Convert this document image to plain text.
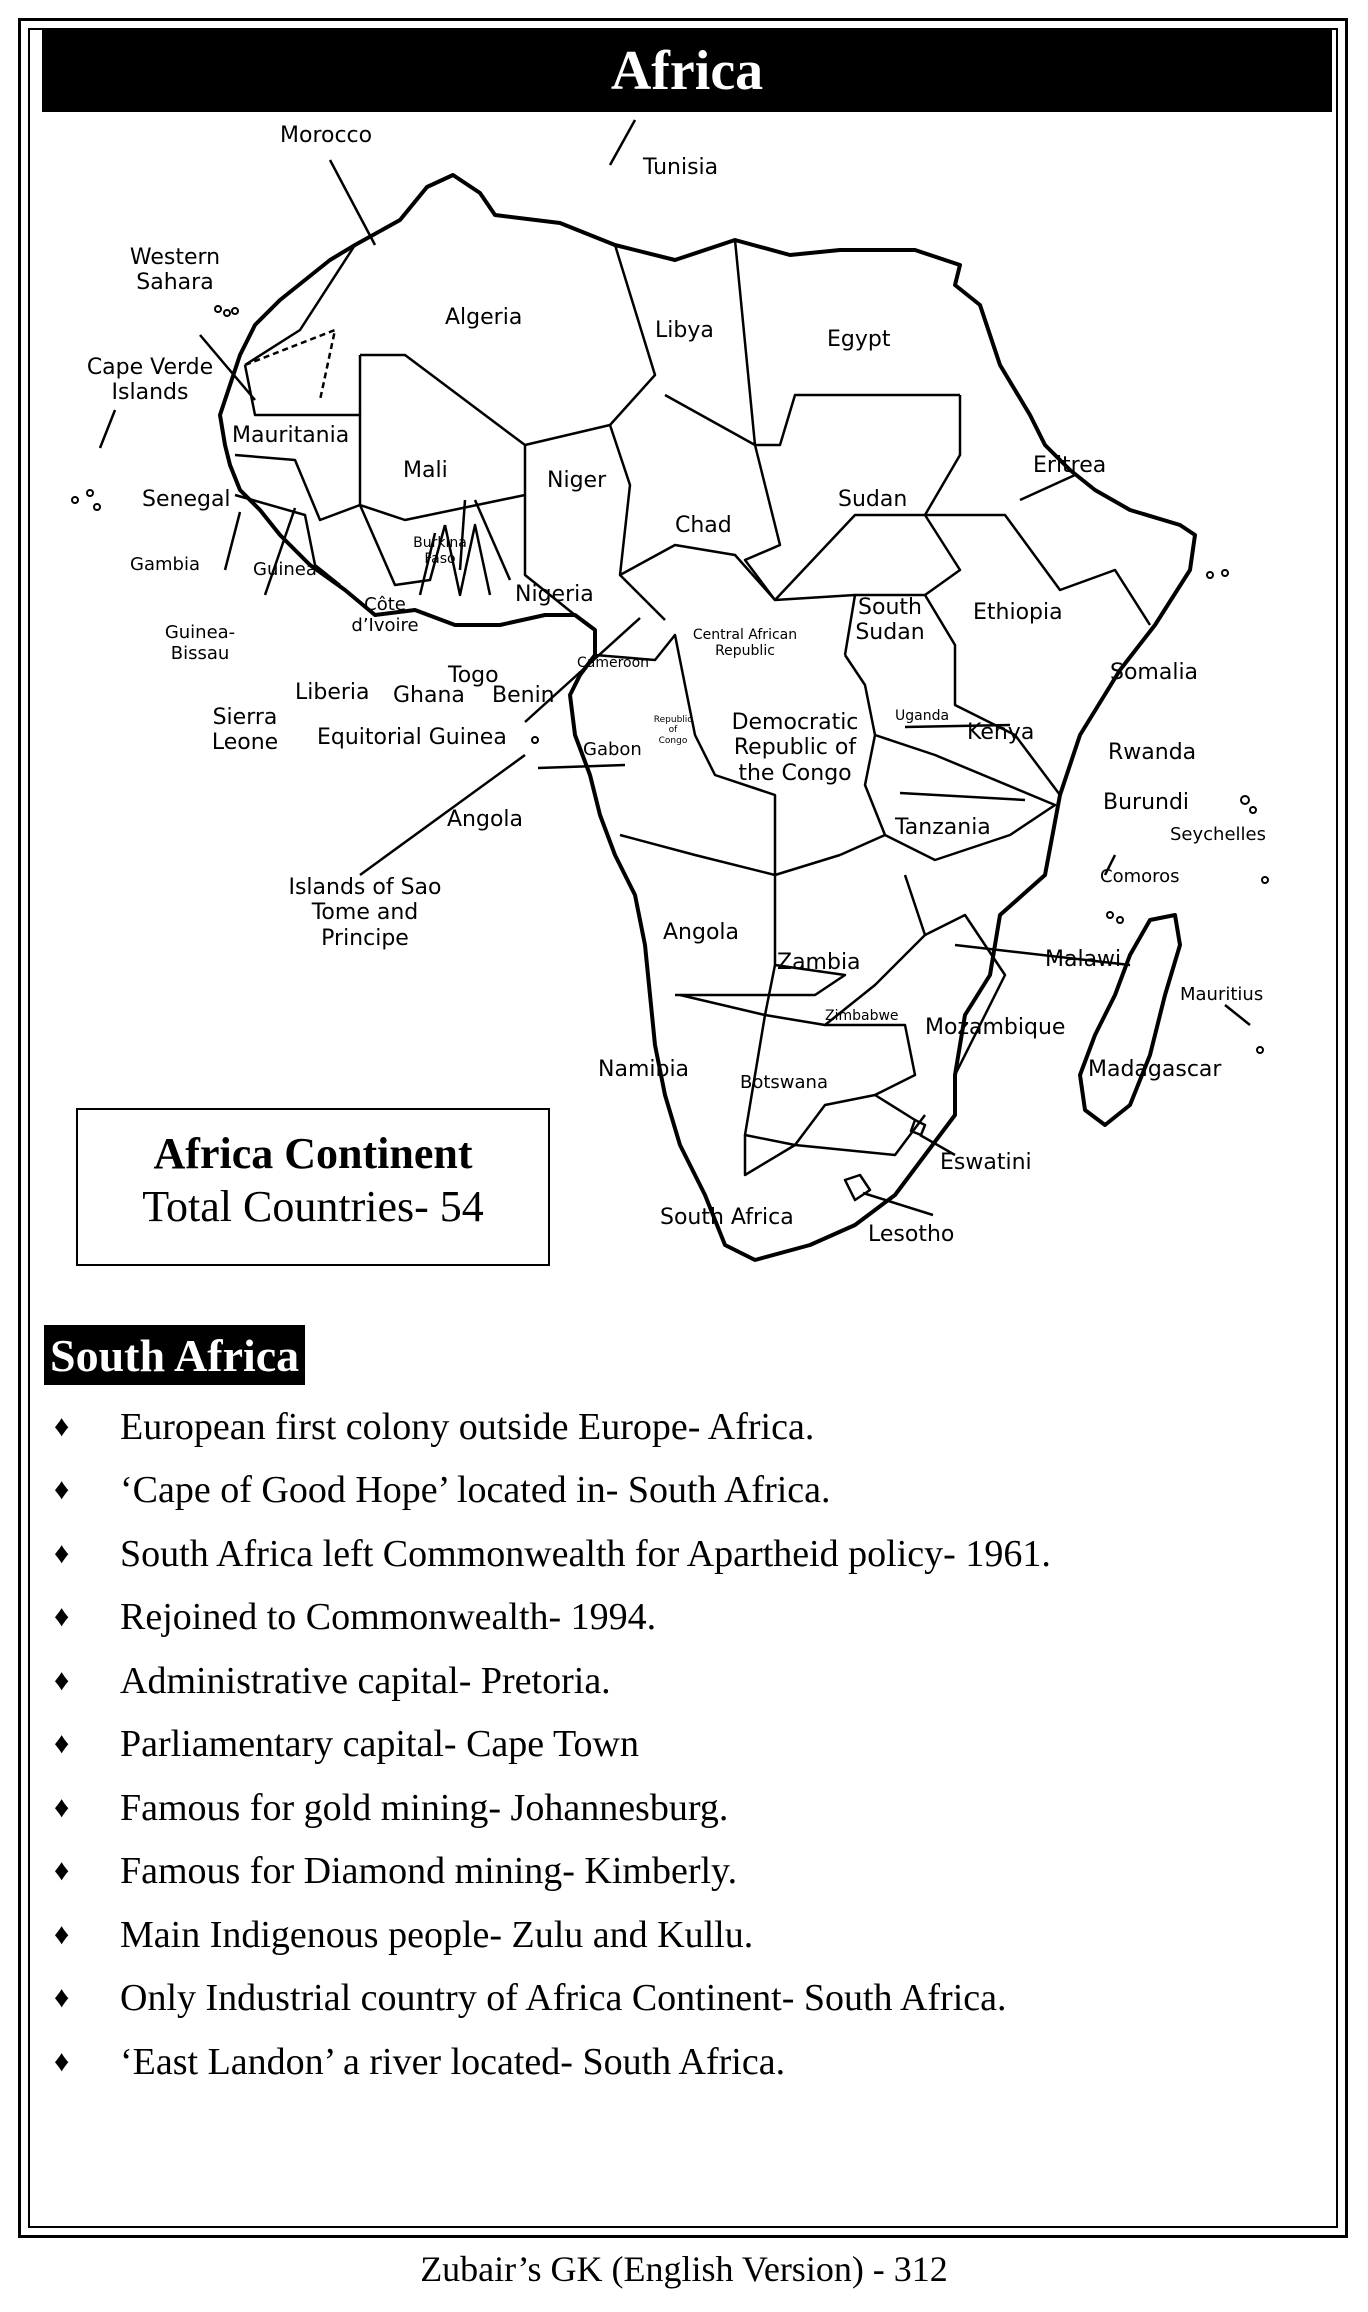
Africa
Morocco
Tunisia
Western Sahara
Cape Verde Islands
Algeria
Libya	Egypt
Mauritania
Mali	Niger
Senegal
Chad
Sudan
Eritrea
Gambia	Guinea
Burkina Faso
Côte d’Ivoire
Nigeria
South Sudan
Ethiopia
Guinea-Bissau
Central African Republic
Cameroon
Liberia Ghana
Togo
Benin
Somalia
Sierra Leone	Equitorial Guinea	Gabon
Republic of Congo
Democratic Republic of the Congo
Uganda
Kenya
Rwanda
Burundi
Seychelles
Angola	Tanzania
Islands of Sao Tome and Principe
Comoros
Angola
Zambia	Malawi
Mauritius
Zimbabwe Mozambique
Namibia
Botswana
Madagascar
Eswatini
South Africa
Lesotho
Africa Continent
Total Countries- 54
South Africa
♦	European first colony outside Europe- Africa.
♦	‘Cape of Good Hope’ located in- South Africa.
♦	South Africa left Commonwealth for Apartheid policy- 1961.
♦	Rejoined to Commonwealth- 1994.
♦	Administrative capital- Pretoria.
♦	Parliamentary capital- Cape Town
♦	Famous for gold mining- Johannesburg.
♦	Famous for Diamond mining- Kimberly.
♦	Main Indigenous people- Zulu and Kullu.
♦	Only Industrial country of Africa Continent- South Africa.
♦	‘East Landon’ a river located- South Africa.
Zubair’s GK (English Version) - 312
